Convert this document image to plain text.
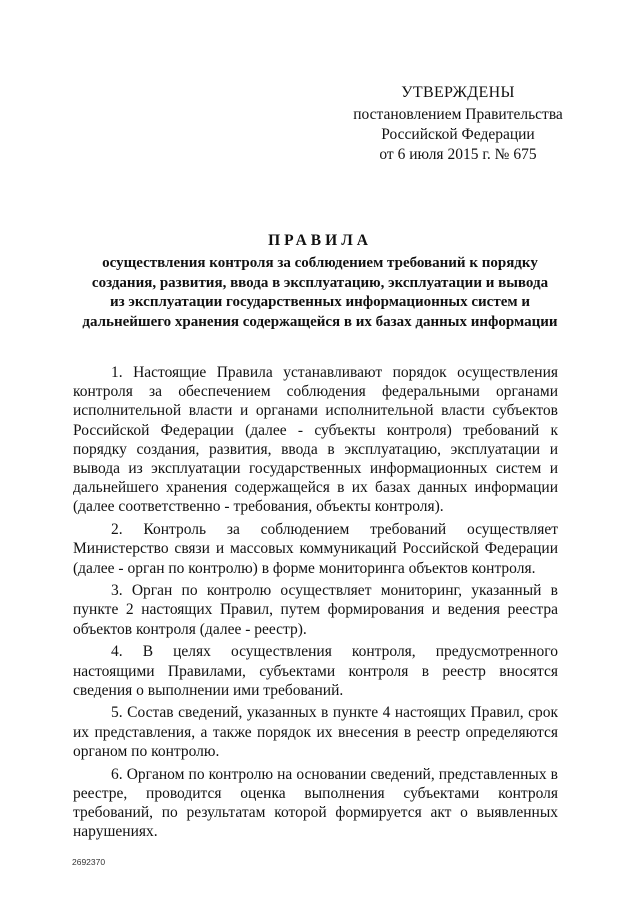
УТВЕРЖДЕНЫ
постановлением Правительства
Российской Федерации
от 6 июля 2015 г. № 675
ПРАВИЛА
осуществления контроля за соблюдением требований к порядку
создания, развития, ввода в эксплуатацию, эксплуатации и вывода
из эксплуатации государственных информационных систем и
дальнейшего хранения содержащейся в их базах данных информации

1. Настоящие Правила устанавливают порядок осуществления контроля за обеспечением соблюдения федеральными органами исполнительной власти и органами исполнительной власти субъектов Российской Федерации (далее - субъекты контроля) требований к порядку создания, развития, ввода в эксплуатацию, эксплуатации и вывода из эксплуатации государственных информационных систем и дальнейшего хранения содержащейся в их базах данных информации (далее соответственно - требования, объекты контроля).

2. Контроль за соблюдением требований осуществляет Министерство связи и массовых коммуникаций Российской Федерации (далее - орган по контролю) в форме мониторинга объектов контроля.

3. Орган по контролю осуществляет мониторинг, указанный в пункте 2 настоящих Правил, путем формирования и ведения реестра объектов контроля (далее - реестр).

4. В целях осуществления контроля, предусмотренного настоящими Правилами, субъектами контроля в реестр вносятся сведения о выполнении ими требований.

5. Состав сведений, указанных в пункте 4 настоящих Правил, срок их представления, а также порядок их внесения в реестр определяются органом по контролю.

6. Органом по контролю на основании сведений, представленных в реестре, проводится оценка выполнения субъектами контроля требований, по результатам которой формируется акт о выявленных нарушениях.

2692370
